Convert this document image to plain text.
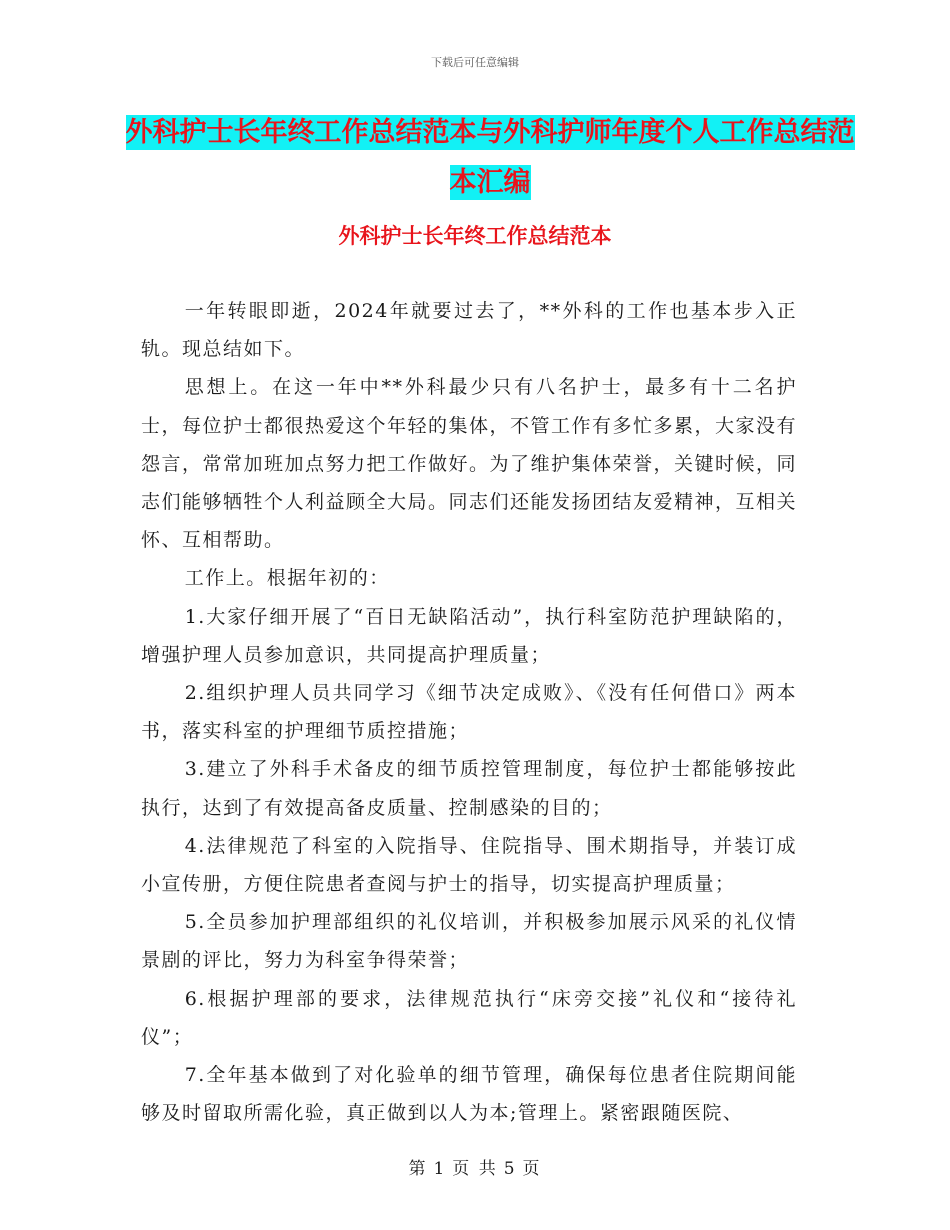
下载后可任意编辑
外科护士长年终工作总结范本与外科护师年度个人工作总结范本汇编
外科护士长年终工作总结范本

一年转眼即逝，2024年就要过去了，**外科的工作也基本步入正轨。现总结如下。

思想上。在这一年中**外科最少只有八名护士，最多有十二名护士，每位护士都很热爱这个年轻的集体，不管工作有多忙多累，大家没有怨言，常常加班加点努力把工作做好。为了维护集体荣誉，关键时候，同志们能够牺牲个人利益顾全大局。同志们还能发扬团结友爱精神，互相关怀、互相帮助。

工作上。根据年初的：

1.大家仔细开展了“百日无缺陷活动”，执行科室防范护理缺陷的，增强护理人员参加意识，共同提高护理质量；

2.组织护理人员共同学习《细节决定成败》、《没有任何借口》两本书，落实科室的护理细节质控措施；

3.建立了外科手术备皮的细节质控管理制度，每位护士都能够按此执行，达到了有效提高备皮质量、控制感染的目的；

4.法律规范了科室的入院指导、住院指导、围术期指导，并装订成小宣传册，方便住院患者查阅与护士的指导，切实提高护理质量；

5.全员参加护理部组织的礼仪培训，并积极参加展示风采的礼仪情景剧的评比，努力为科室争得荣誉；

6.根据护理部的要求，法律规范执行“床旁交接”礼仪和“接待礼仪”；

7.全年基本做到了对化验单的细节管理，确保每位患者住院期间能够及时留取所需化验，真正做到以人为本;管理上。紧密跟随医院、

第 1 页 共 5 页
